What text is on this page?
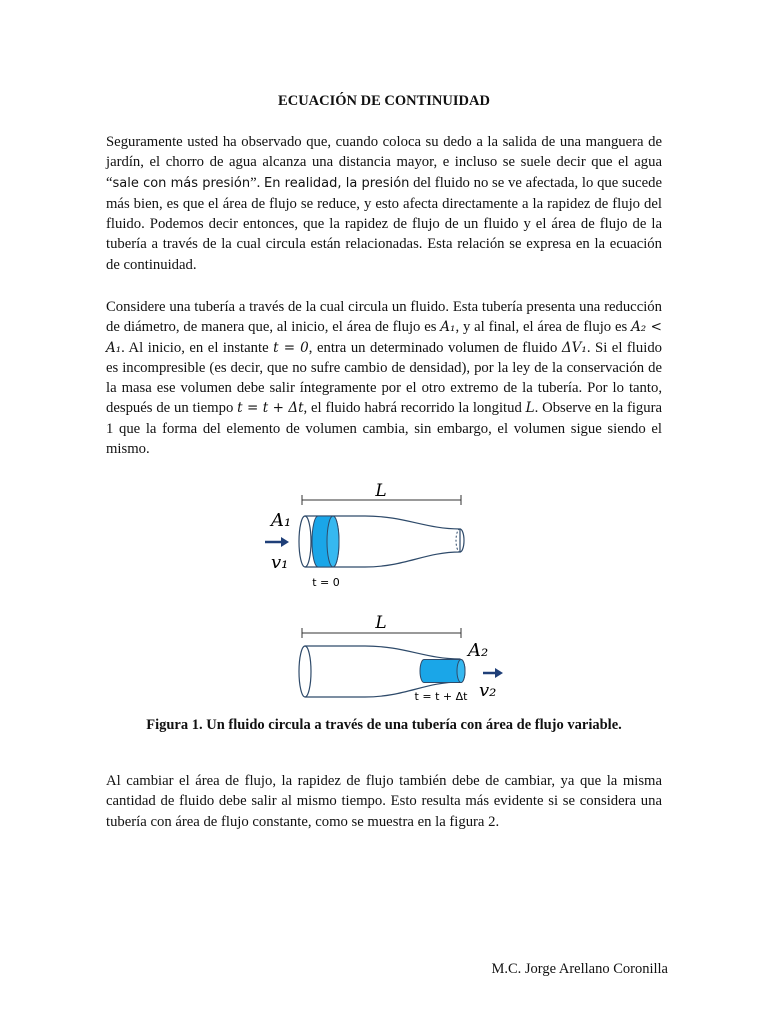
ECUACIÓN DE CONTINUIDAD

Seguramente usted ha observado que, cuando coloca su dedo a la salida de una manguera de jardín, el chorro de agua alcanza una distancia mayor, e incluso se suele decir que el agua “sale con más presión”. En realidad, la presión del fluido no se ve afectada, lo que sucede más bien, es que el área de flujo se reduce, y esto afecta directamente a la rapidez de flujo del fluido. Podemos decir entonces, que la rapidez de flujo de un fluido y el área de flujo de la tubería a través de la cual circula están relacionadas. Esta relación se expresa en la ecuación de continuidad.

Considere una tubería a través de la cual circula un fluido. Esta tubería presenta una reducción de diámetro, de manera que, al inicio, el área de flujo es A₁, y al final, el área de flujo es A₂ < A₁. Al inicio, en el instante t = 0, entra un determinado volumen de fluido ΔV₁. Si el fluido es incompresible (es decir, que no sufre cambio de densidad), por la ley de la conservación de la masa ese volumen debe salir íntegramente por el otro extremo de la tubería. Por lo tanto, después de un tiempo t = t + Δt, el fluido habrá recorrido la longitud L. Observe en la figura 1 que la forma del elemento de volumen cambia, sin embargo, el volumen sigue siendo el mismo.

L
A₁
v₁
t = 0
L
A₂
v₂
t = t + Δt

Figura 1. Un fluido circula a través de una tubería con área de flujo variable.

Al cambiar el área de flujo, la rapidez de flujo también debe de cambiar, ya que la misma cantidad de fluido debe salir al mismo tiempo. Esto resulta más evidente si se considera una tubería con área de flujo constante, como se muestra en la figura 2.

M.C. Jorge Arellano Coronilla
